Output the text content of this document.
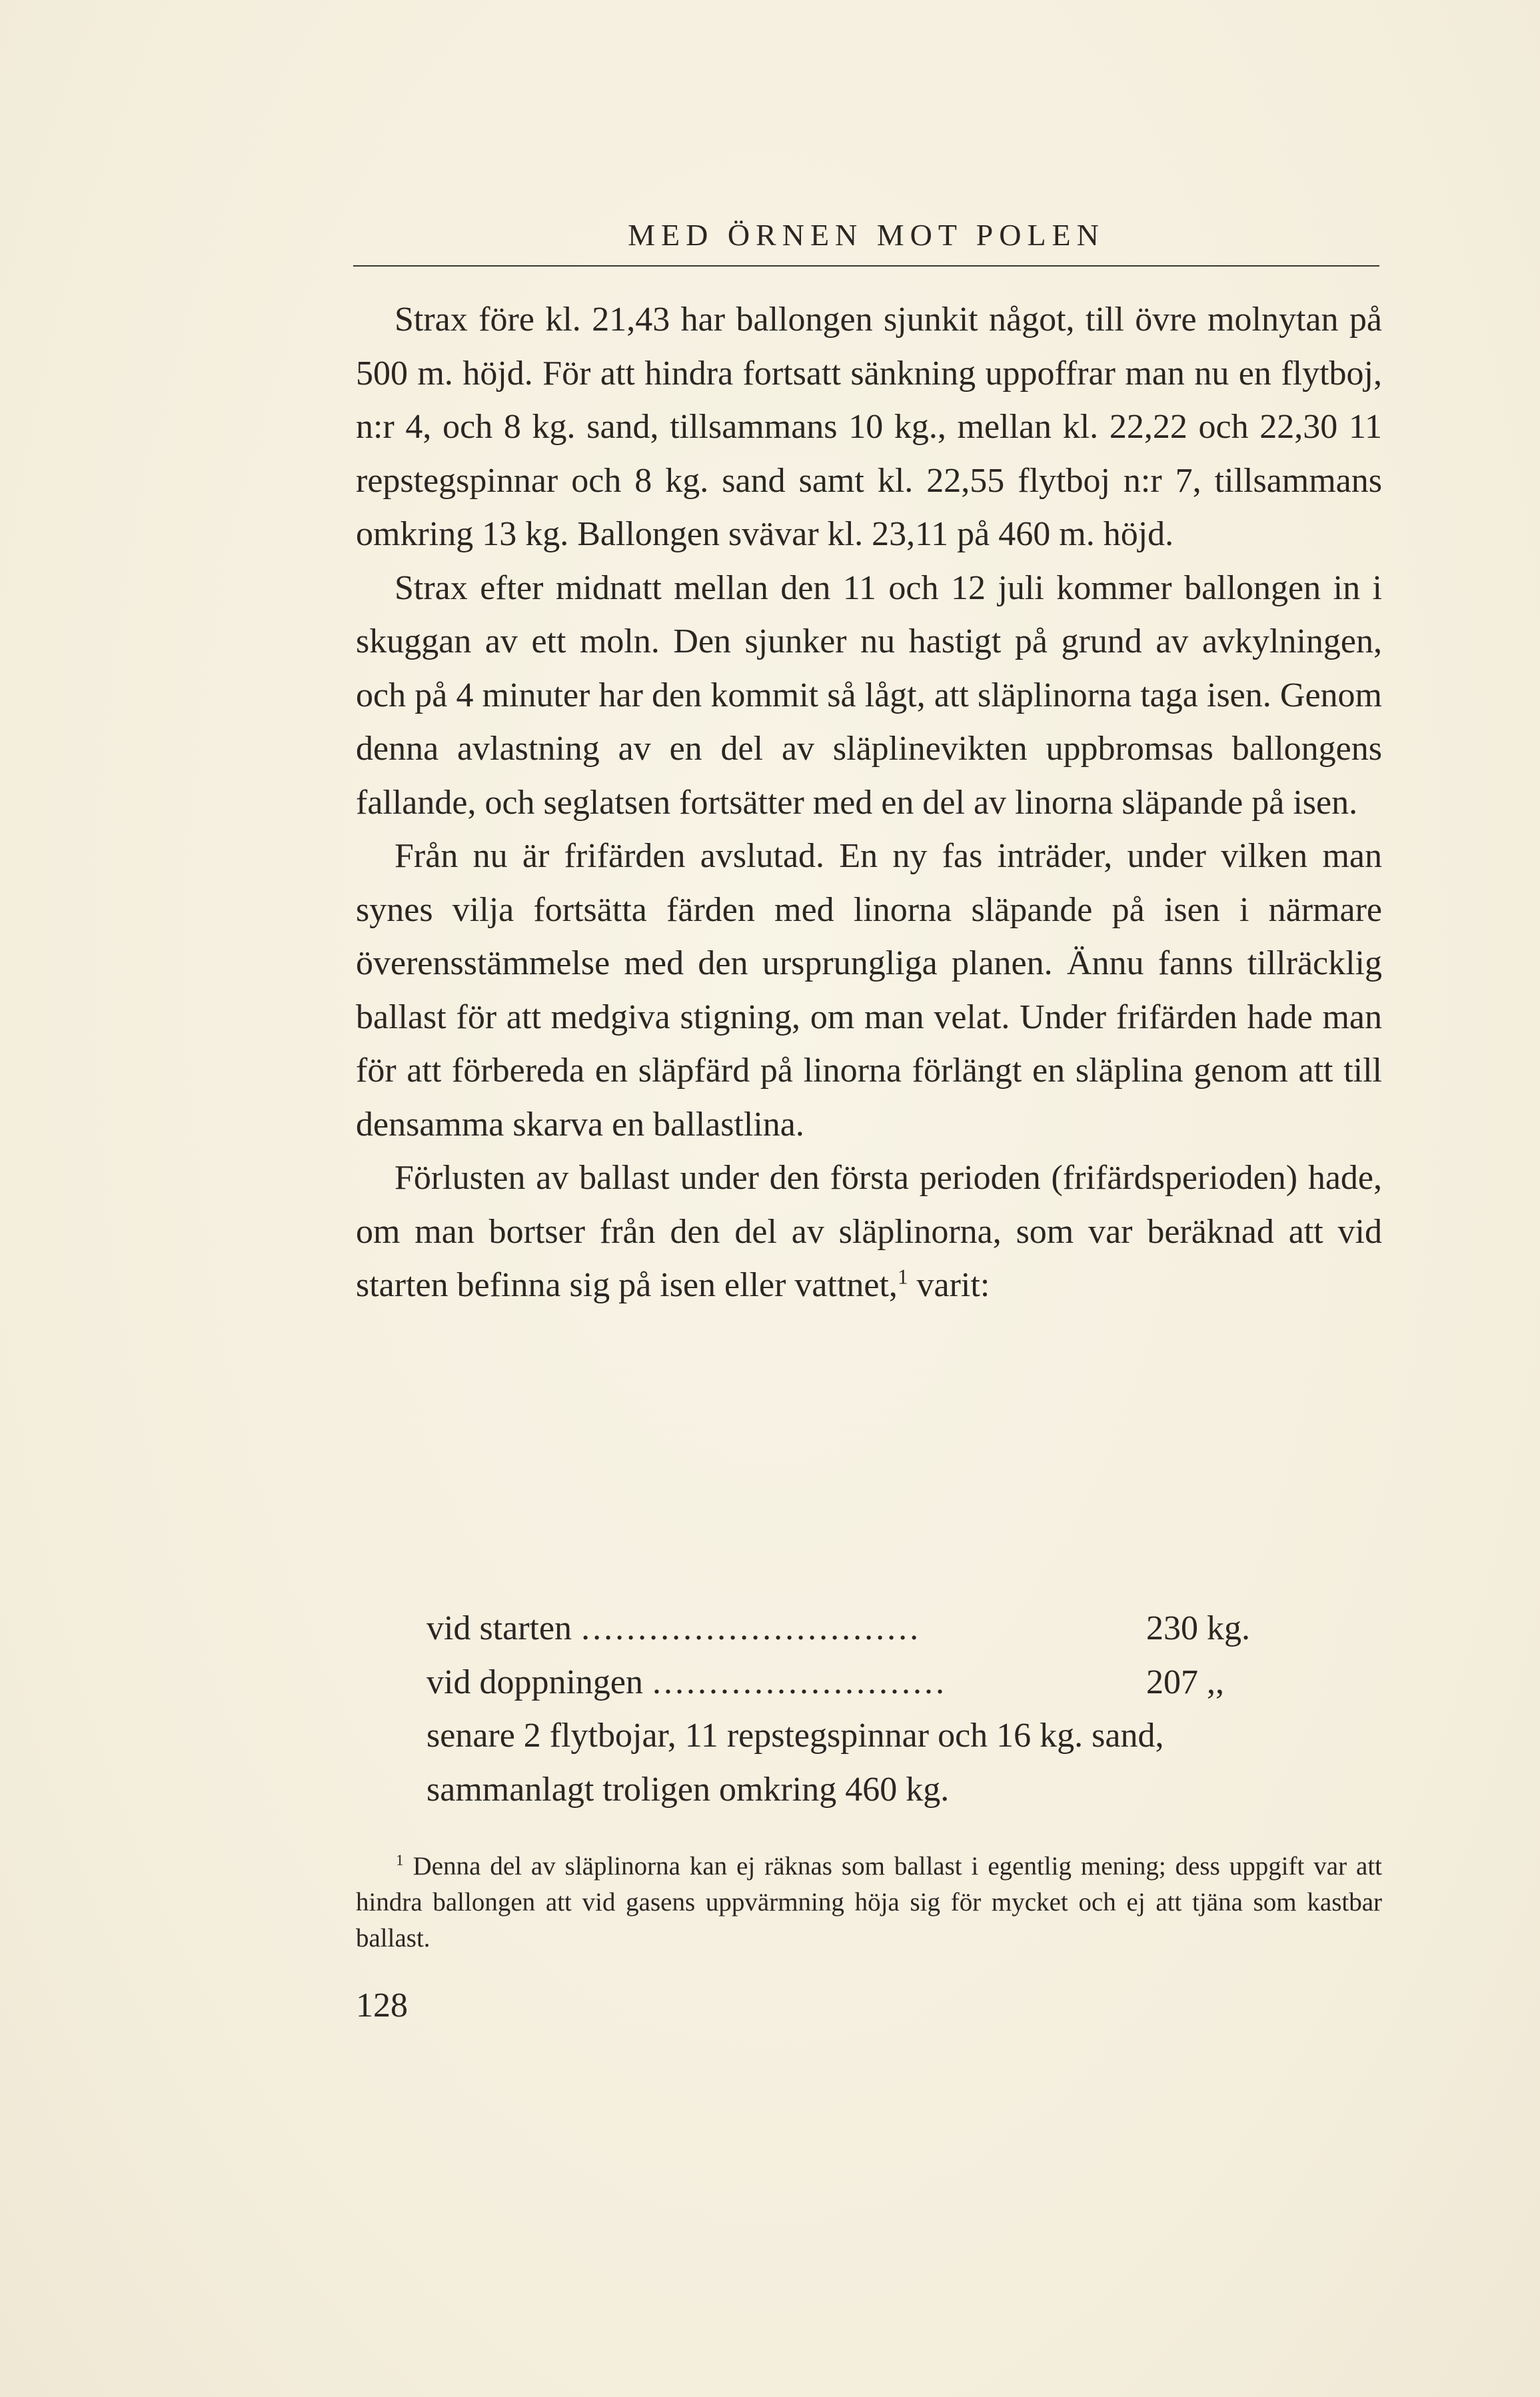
MED ÖRNEN MOT POLEN

Strax före kl. 21,43 har ballongen sjunkit något, till övre molnytan på 500 m. höjd. För att hindra fortsatt sänkning uppoffrar man nu en flytboj, n:r 4, och 8 kg. sand, tillsammans 10 kg., mellan kl. 22,22 och 22,30 11 repstegspinnar och 8 kg. sand samt kl. 22,55 flytboj n:r 7, tillsammans omkring 13 kg. Ballongen svävar kl. 23,11 på 460 m. höjd.

Strax efter midnatt mellan den 11 och 12 juli kommer ballongen in i skuggan av ett moln. Den sjunker nu hastigt på grund av avkylningen, och på 4 minuter har den kommit så lågt, att släplinorna taga isen. Genom denna avlastning av en del av släplinevikten uppbromsas ballongens fallande, och seglatsen fortsätter med en del av linorna släpande på isen.

Från nu är frifärden avslutad. En ny fas inträder, under vilken man synes vilja fortsätta färden med linorna släpande på isen i närmare överensstämmelse med den ursprungliga planen. Ännu fanns tillräcklig ballast för att medgiva stigning, om man velat. Under frifärden hade man för att förbereda en släpfärd på linorna förlängt en släplina genom att till densamma skarva en ballastlina.

Förlusten av ballast under den första perioden (frifärdsperioden) hade, om man bortser från den del av släplinorna, som var beräknad att vid starten befinna sig på isen eller vattnet,$^1$ varit:

vid starten ..............................	230 kg.
vid doppningen ..........................	207 ,,
senare 2 flytbojar, 11 repstegspinnar och 16 kg. sand,
sammanlagt troligen omkring 460 kg.

$^1$ Denna del av släplinorna kan ej räknas som ballast i egentlig mening; dess uppgift var att hindra ballongen att vid gasens uppvärmning höja sig för mycket och ej att tjäna som kastbar ballast.

128
